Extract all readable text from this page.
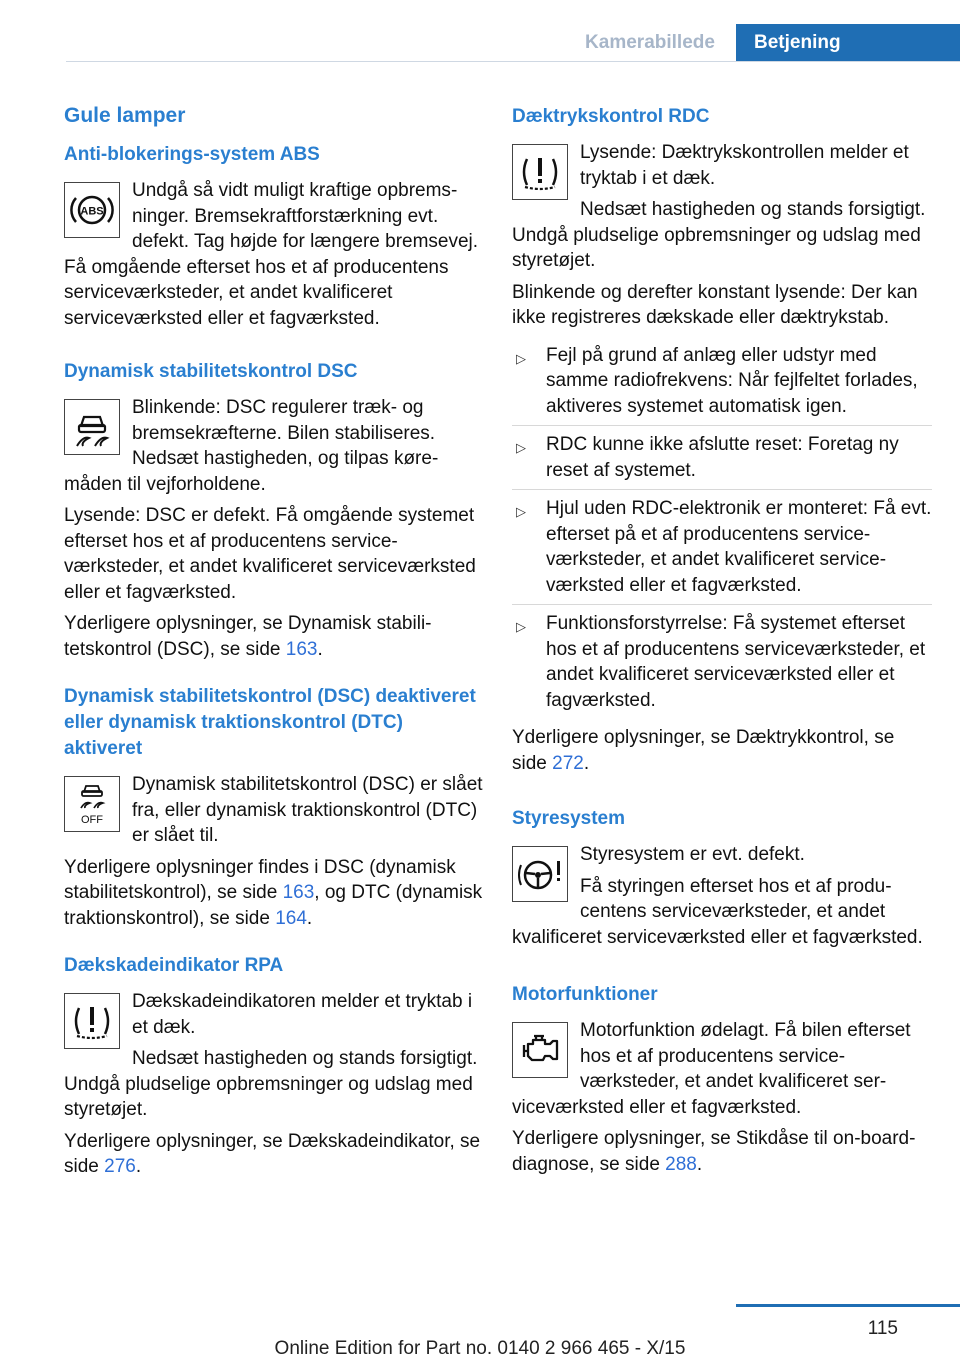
Kamerabillede	Betjening
Gule lamper
Anti-blokerings-system ABS
ABS

Undgå så vidt muligt kraftige opbremsninger. Bremsekraftforstærkning evt. defekt. Tag højde for længere bremsevej. Få omgående efterset hos et af producentens serviceværksteder, et andet kvalificeret serviceværksted eller et fagværksted.

Dynamisk stabilitetskontrol DSC

Blinkende: DSC regulerer træk- og bremsekræfterne. Bilen stabiliseres. Nedsæt hastigheden, og tilpas køremåden til vejforholdene.

Lysende: DSC er defekt. Få omgående systemet efterset hos et af producentens serviceværksteder, et andet kvalificeret serviceværksted eller et fagværksted.

Yderligere oplysninger, se Dynamisk stabilitetskontrol (DSC), se side 163.

Dynamisk stabilitetskontrol (DSC) deaktiveret eller dynamisk traktionskontrol (DTC) aktiveret
OFF

Dynamisk stabilitetskontrol (DSC) er slået fra, eller dynamisk traktionskontrol (DTC) er slået til.

Yderligere oplysninger findes i DSC (dynamisk stabilitetskontrol), se side 163, og DTC (dynamisk traktionskontrol), se side 164.

Dækskadeindikator RPA

Dækskadeindikatoren melder et tryktab i et dæk.

Nedsæt hastigheden og stands forsigtigt. Undgå pludselige opbremsninger og udslag med styretøjet.

Yderligere oplysninger, se Dækskadeindikator, se side 276.

Dæktrykskontrol RDC

Lysende: Dæktrykskontrollen melder et tryktab i et dæk.

Nedsæt hastigheden og stands forsigtigt. Undgå pludselige opbremsninger og udslag med styretøjet.

Blinkende og derefter konstant lysende: Der kan ikke registreres dækskade eller dæktrykstab.

▷ Fejl på grund af anlæg eller udstyr med samme radiofrekvens: Når fejlfeltet forlades, aktiveres systemet automatisk igen.
▷ RDC kunne ikke afslutte reset: Foretag ny reset af systemet.
▷ Hjul uden RDC-elektronik er monteret: Få evt. efterset på et af producentens serviceværksteder, et andet kvalificeret serviceværksted eller et fagværksted.
▷ Funktionsforstyrrelse: Få systemet efterset hos et af producentens serviceværksteder, et andet kvalificeret serviceværksted eller et fagværksted.

Yderligere oplysninger, se Dæktrykkontrol, se side 272.

Styresystem

Styresystem er evt. defekt.

Få styringen efterset hos et af producentens serviceværksteder, et andet kvalificeret serviceværksted eller et fagværksted.

Motorfunktioner

Motorfunktion ødelagt. Få bilen efterset hos et af producentens serviceværksteder, et andet kvalificeret serviceværksted eller et fagværksted.

Yderligere oplysninger, se Stikdåse til on-board-diagnose, se side 288.

115
Online Edition for Part no. 0140 2 966 465 - X/15
